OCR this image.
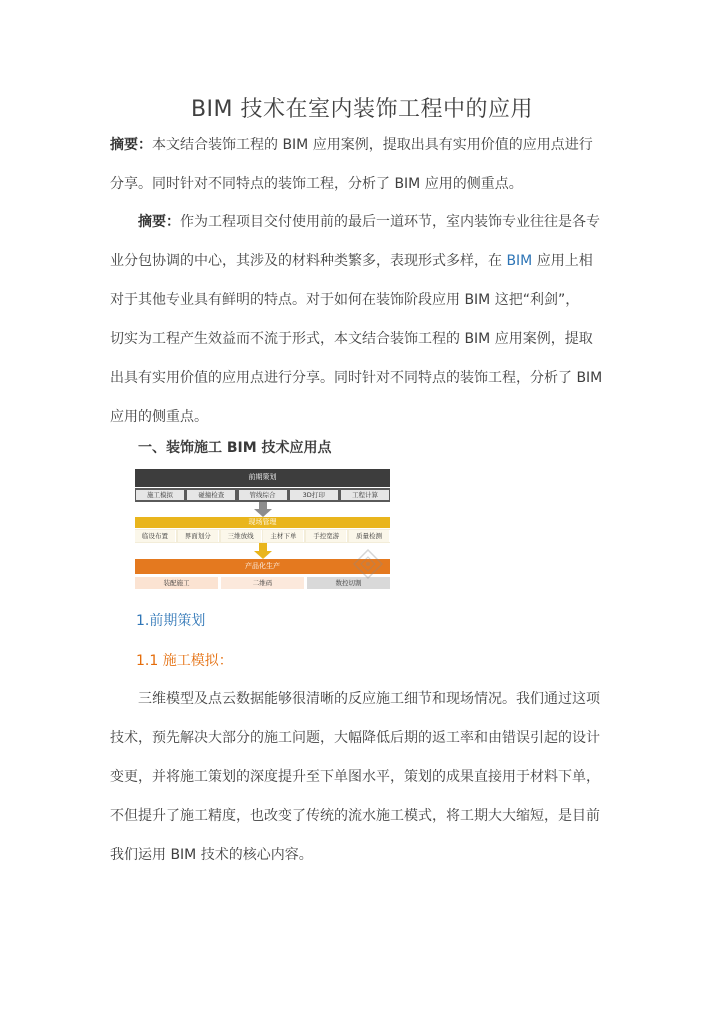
BIM 技术在室内装饰工程中的应用
摘要：本文结合装饰工程的 BIM 应用案例，提取出具有实用价值的应用点进行
分享。同时针对不同特点的装饰工程，分析了 BIM 应用的侧重点。
摘要：作为工程项目交付使用前的最后一道环节，室内装饰专业往往是各专
业分包协调的中心，其涉及的材料种类繁多，表现形式多样，在 BIM 应用上相
对于其他专业具有鲜明的特点。对于如何在装饰阶段应用 BIM 这把“利剑”，
切实为工程产生效益而不流于形式，本文结合装饰工程的 BIM 应用案例，提取
出具有实用价值的应用点进行分享。同时针对不同特点的装饰工程，分析了 BIM
应用的侧重点。
一、装饰施工 BIM 技术应用点
前期策划
施工模拟	碰撞检查	管线综合	3D打印	工程计算
现场管理
临设布置	界面划分	三维放线	主材下单	手控宽游	质量检测
产品化生产
装配施工	二维码	数控切割
1.前期策划
1.1 施工模拟：
三维模型及点云数据能够很清晰的反应施工细节和现场情况。我们通过这项
技术，预先解决大部分的施工问题，大幅降低后期的返工率和由错误引起的设计
变更，并将施工策划的深度提升至下单图水平，策划的成果直接用于材料下单，
不但提升了施工精度，也改变了传统的流水施工模式，将工期大大缩短，是目前
我们运用 BIM 技术的核心内容。
